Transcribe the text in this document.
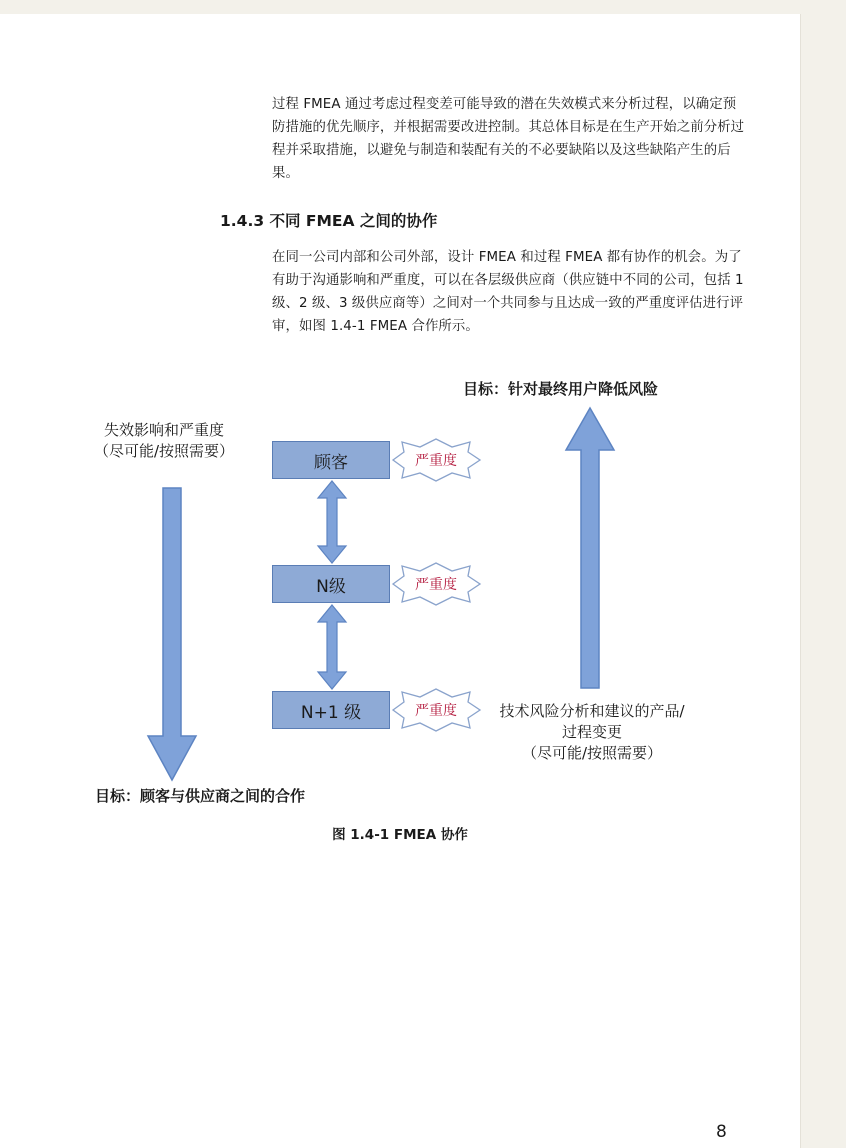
过程 FMEA 通过考虑过程变差可能导致的潜在失效模式来分析过程，以确定预防措施的优先顺序，并根据需要改进控制。其总体目标是在生产开始之前分析过程并采取措施，以避免与制造和装配有关的不必要缺陷以及这些缺陷产生的后果。

1.4.3 不同 FMEA 之间的协作

在同一公司内部和公司外部，设计 FMEA 和过程 FMEA 都有协作的机会。为了有助于沟通影响和严重度，可以在各层级供应商（供应链中不同的公司，包括 1 级、2 级、3 级供应商等）之间对一个共同参与且达成一致的严重度评估进行评审，如图 1.4-1 FMEA 合作所示。

目标：针对最终用户降低风险
失效影响和严重度
（尽可能/按照需要）
顾客
N级
N+1 级
严重度
严重度
严重度	技术风险分析和建议的产品/
过程变更
（尽可能/按照需要）
目标：顾客与供应商之间的合作

图 1.4-1 FMEA 协作

8
